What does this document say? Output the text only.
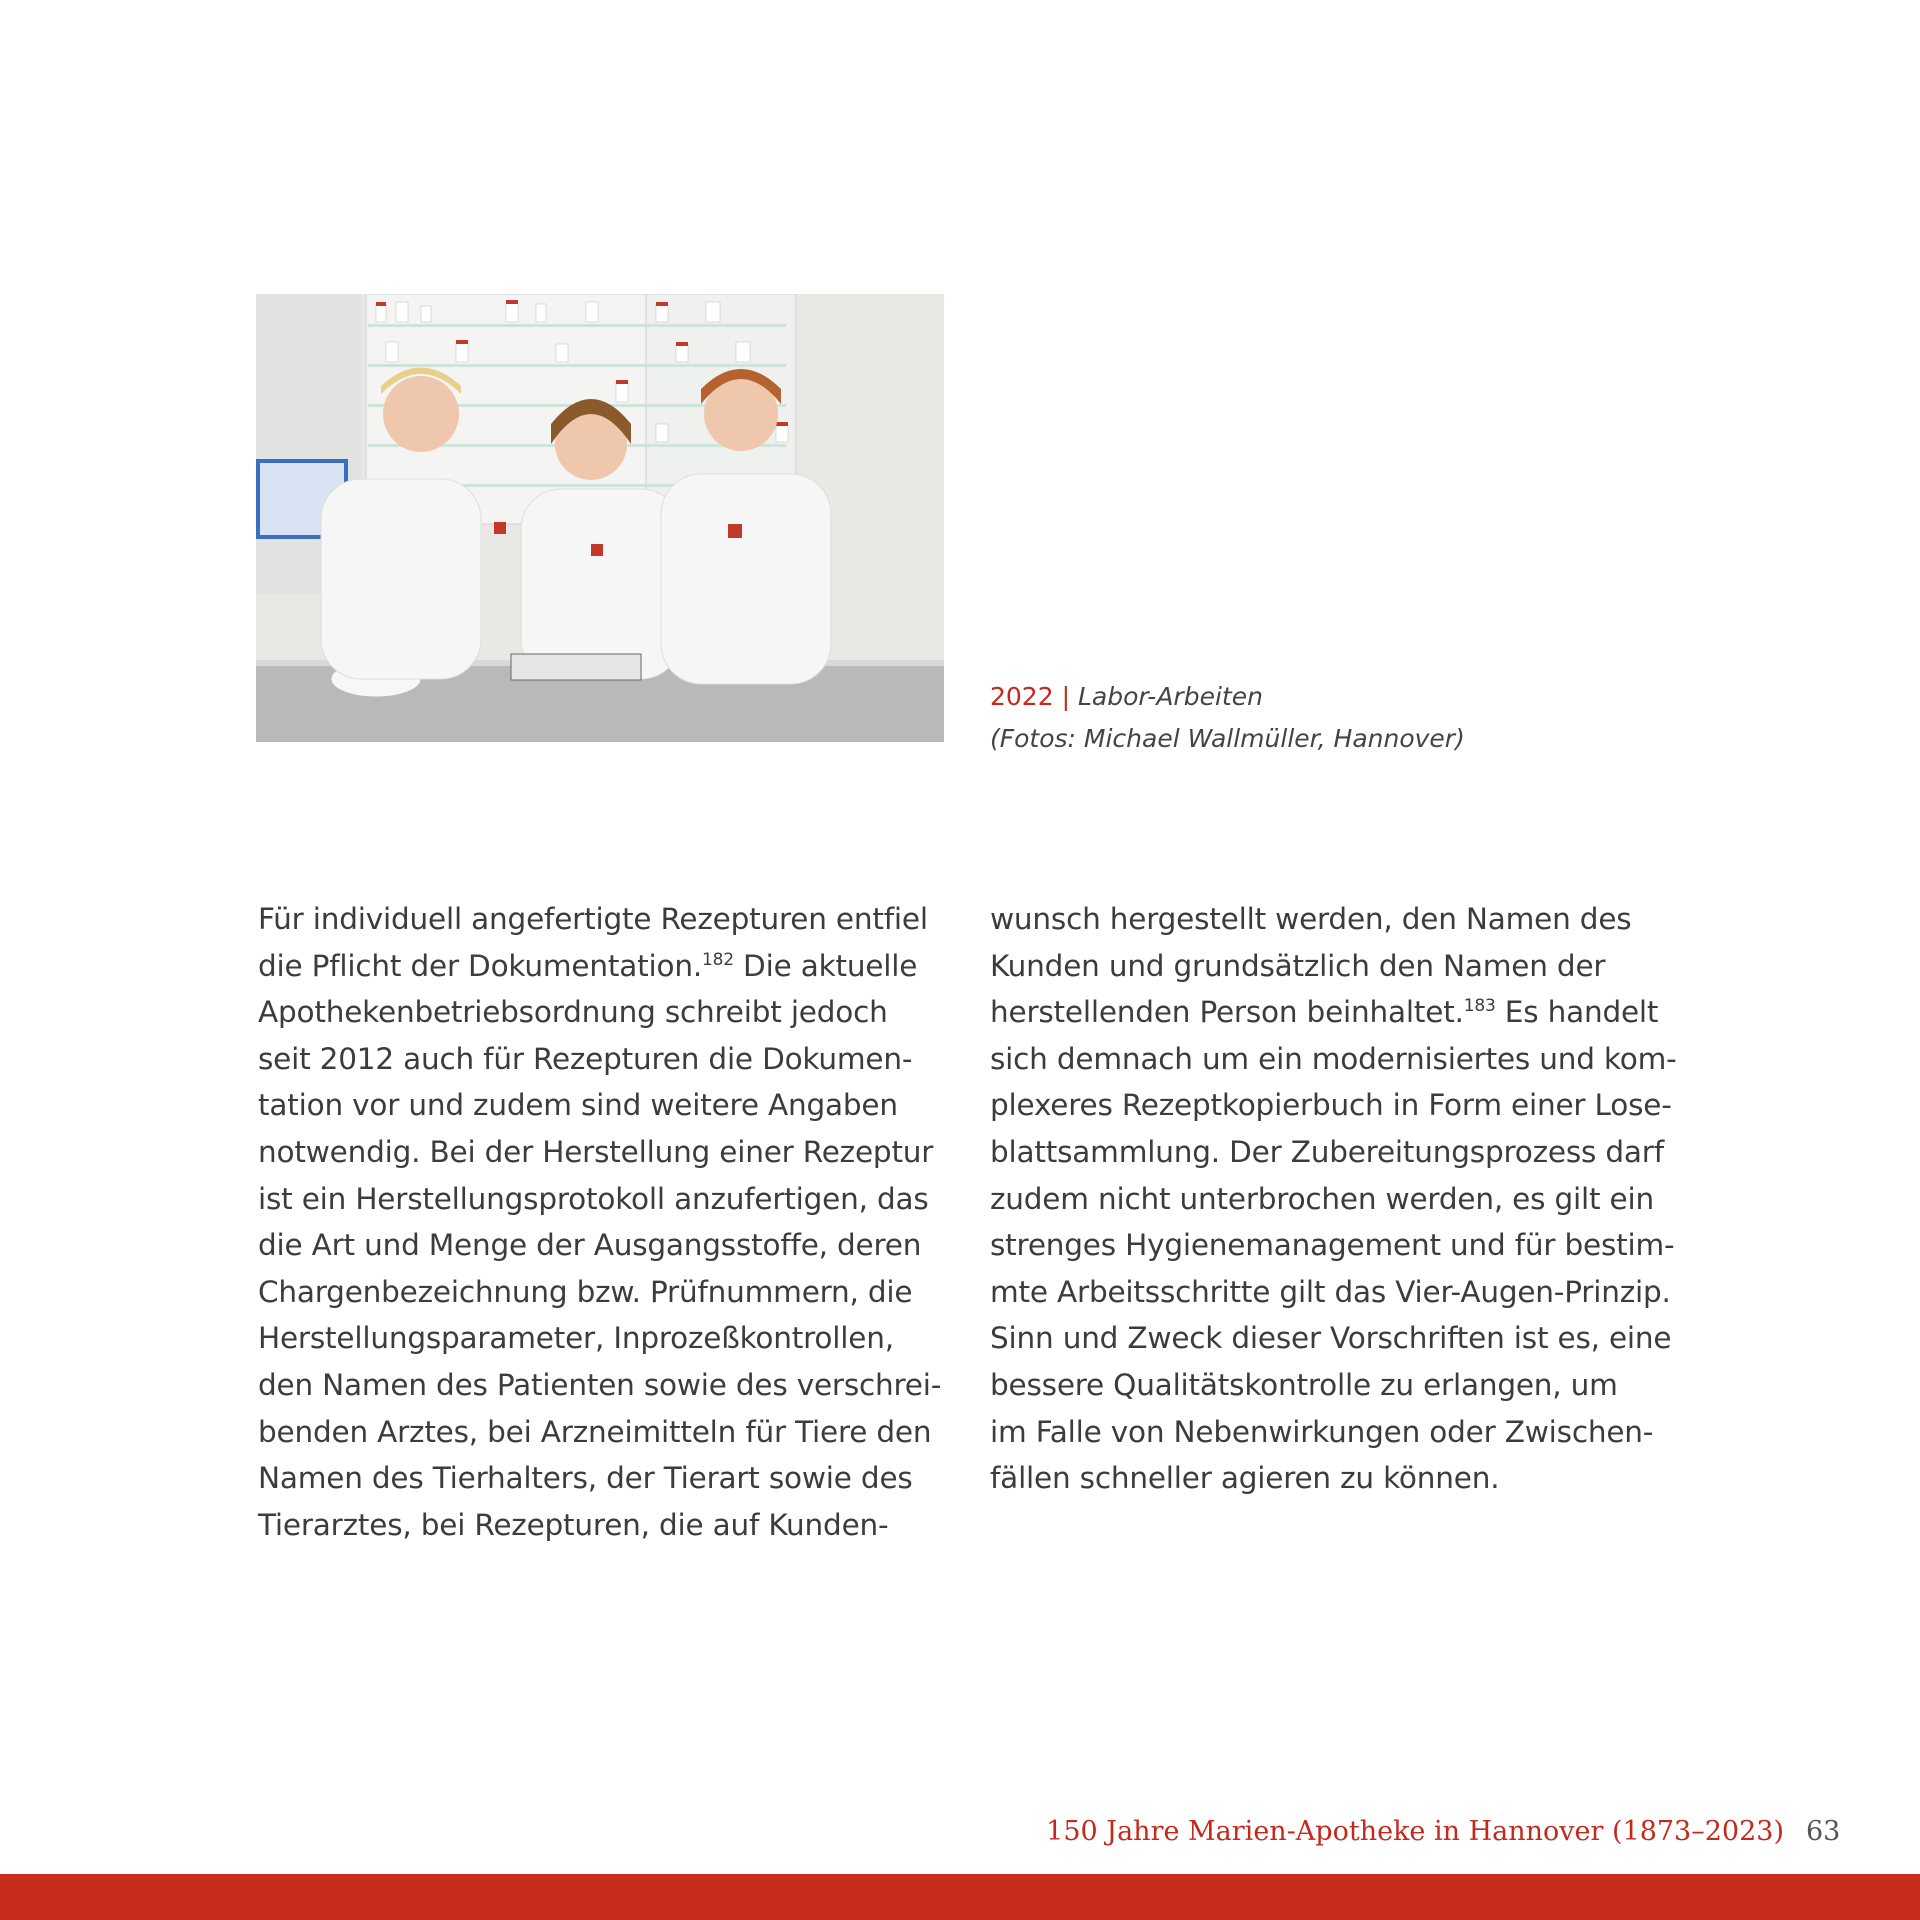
2022 | Labor-Arbeiten
(Fotos: Michael Wallmüller, Hannover)
Für individuell angefertigte Rezepturen entfiel
die Pflicht der Dokumentation.$^{182}$ Die aktuelle
Apothekenbetriebsordnung schreibt jedoch
seit 2012 auch für Rezepturen die Dokumen-
tation vor und zudem sind weitere Angaben
notwendig. Bei der Herstellung einer Rezeptur
ist ein Herstellungsprotokoll anzufertigen, das
die Art und Menge der Ausgangsstoffe, deren
Chargenbezeichnung bzw. Prüfnummern, die
Herstellungsparameter, Inprozeßkontrollen,
den Namen des Patienten sowie des verschrei-
benden Arztes, bei Arzneimitteln für Tiere den
Namen des Tierhalters, der Tierart sowie des
Tierarztes, bei Rezepturen, die auf Kunden-
wunsch hergestellt werden, den Namen des
Kunden und grundsätzlich den Namen der
herstellenden Person beinhaltet.$^{183}$ Es handelt
sich demnach um ein modernisiertes und kom-
plexeres Rezeptkopierbuch in Form einer Lose-
blattsammlung. Der Zubereitungsprozess darf
zudem nicht unterbrochen werden, es gilt ein
strenges Hygienemanagement und für bestim-
mte Arbeitsschritte gilt das Vier-Augen-Prinzip.
Sinn und Zweck dieser Vorschriften ist es, eine
bessere Qualitätskontrolle zu erlangen, um
im Falle von Nebenwirkungen oder Zwischen-
fällen schneller agieren zu können.
150 Jahre Marien-Apotheke in Hannover (1873–2023) 63
